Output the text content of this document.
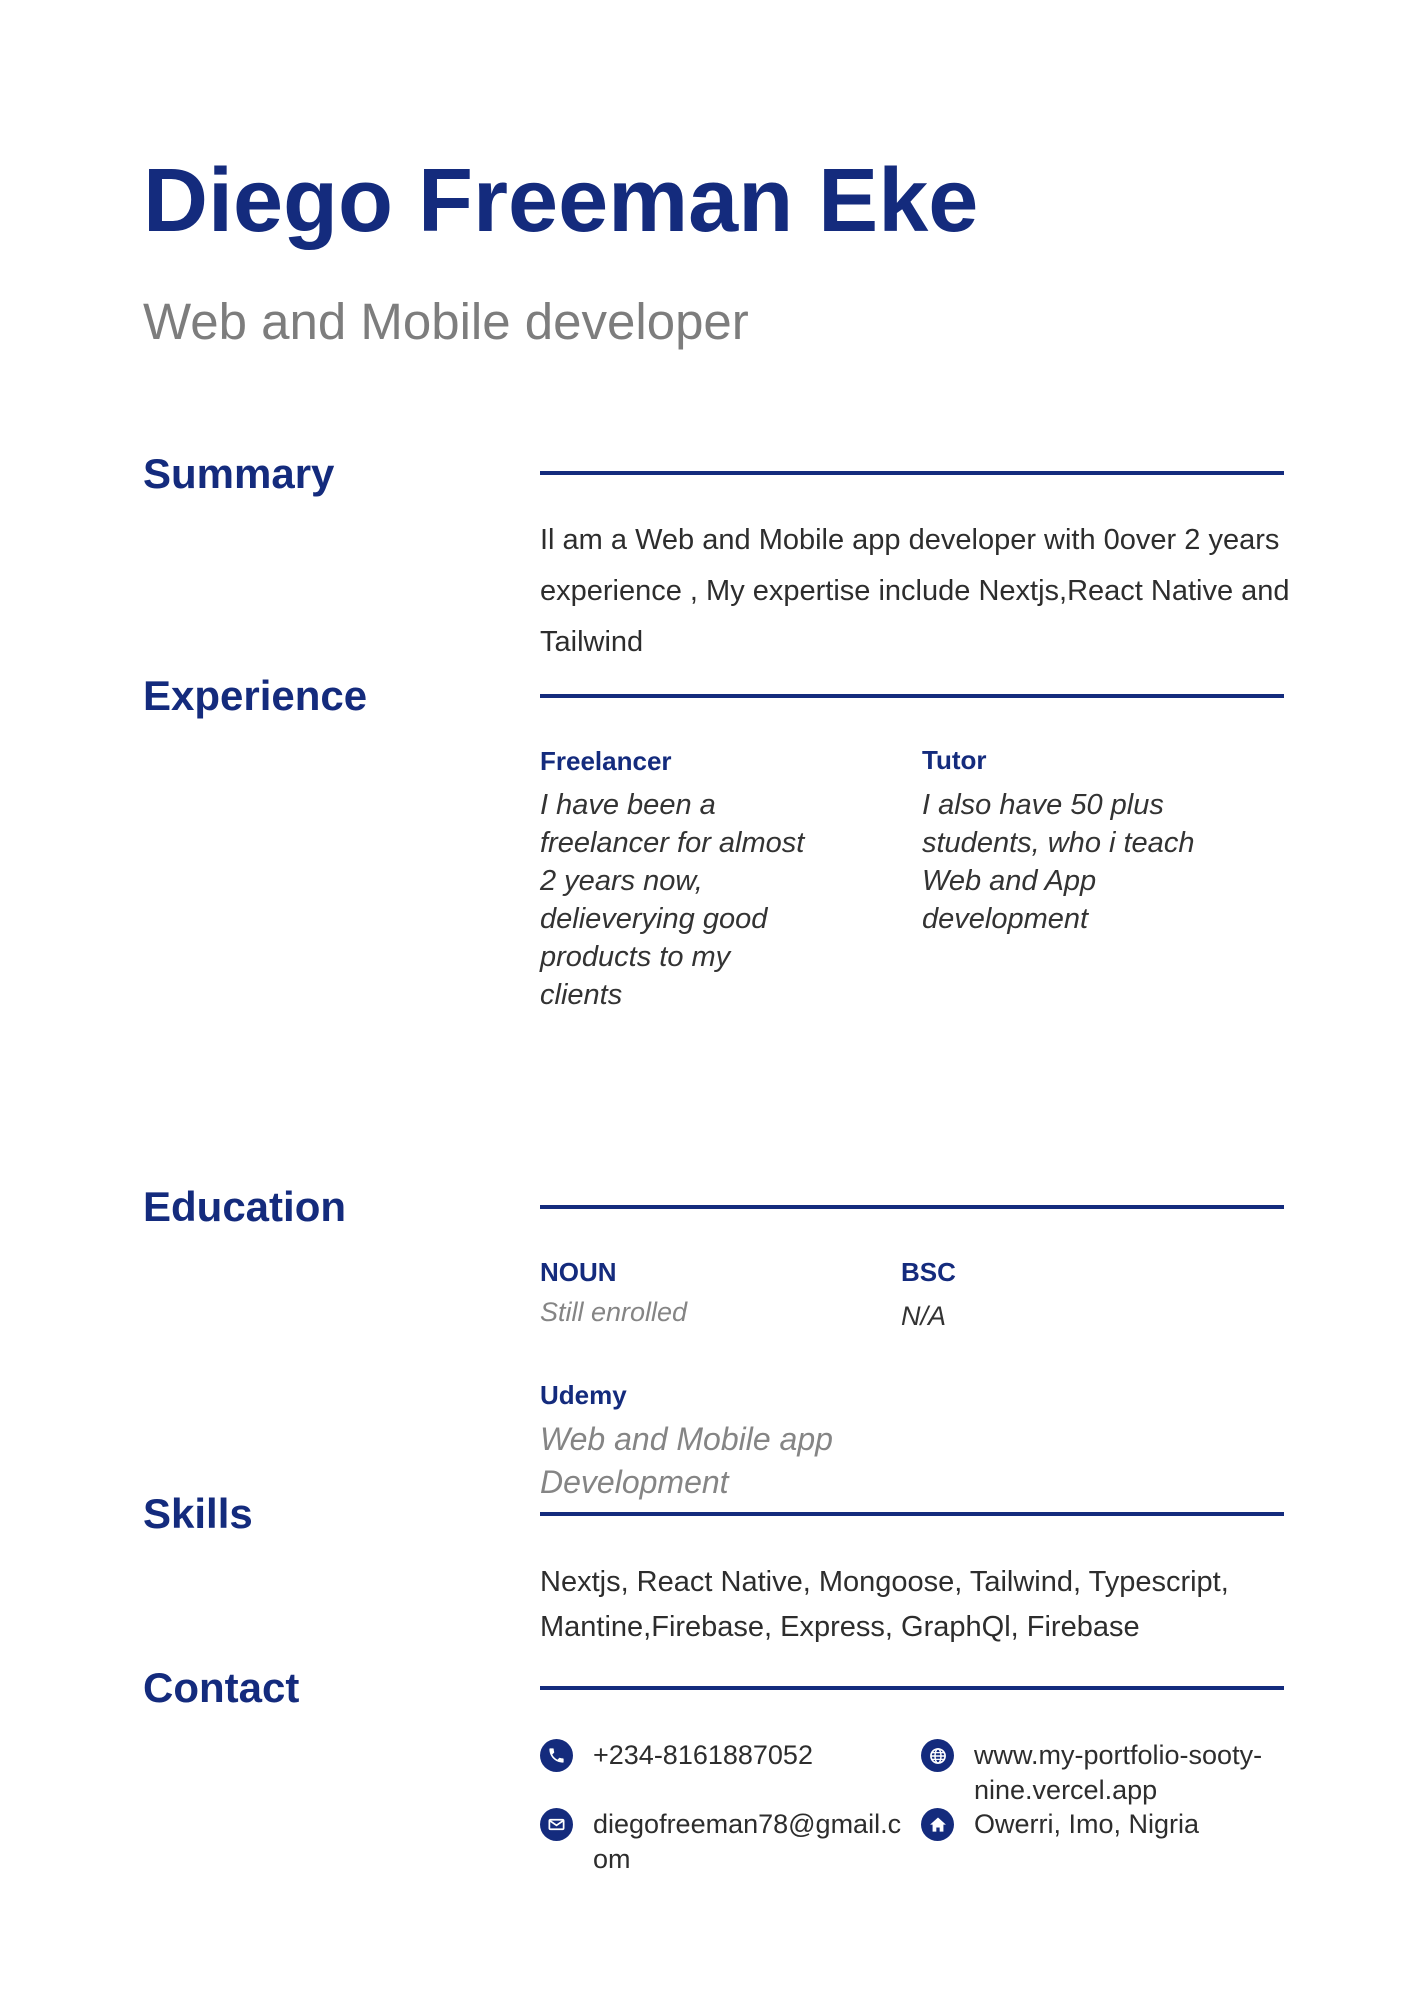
Diego Freeman Eke
Web and Mobile developer
Summary
Il am a Web and Mobile app developer with 0over 2 years experience , My expertise include Nextjs,React Native and Tailwind
Experience
Freelancer
I have been a freelancer for almost 2 years now, delieverying good products to my clients
Tutor
I also have 50 plus students, who i teach Web and App development
Education
NOUN
Still enrolled
BSC
N/A
Udemy
Web and Mobile app Development
Skills
Nextjs, React Native, Mongoose, Tailwind, Typescript, Mantine,Firebase, Express, GraphQl, Firebase
Contact
+234-8161887052
diegofreeman78@gmail.com
www.my-portfolio-sooty-nine.vercel.app
Owerri, Imo, Nigria
